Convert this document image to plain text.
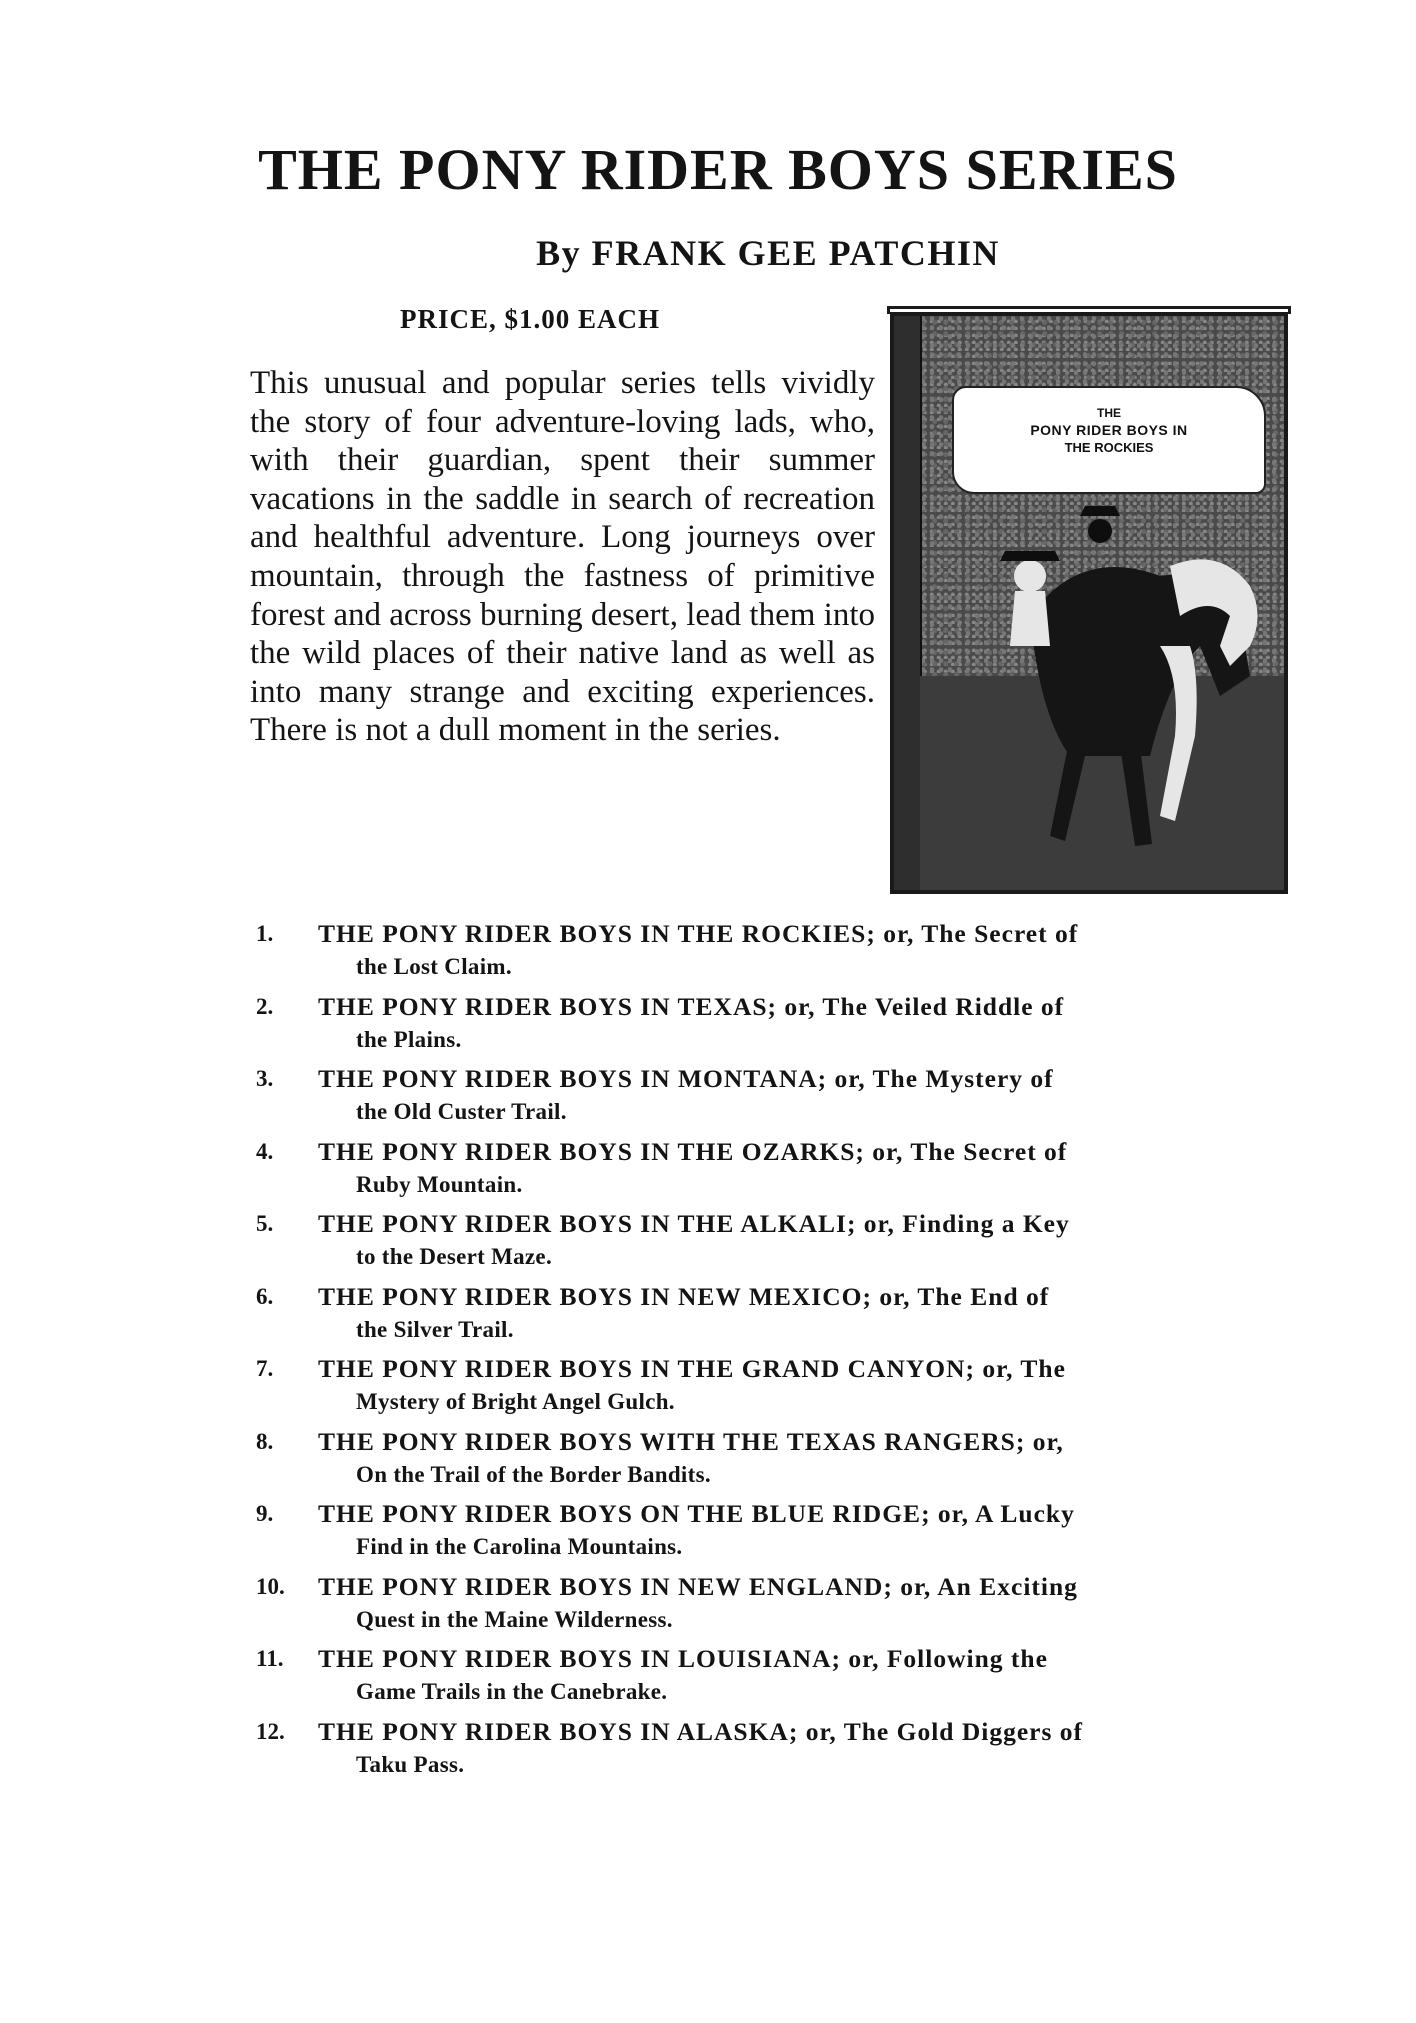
THE PONY RIDER BOYS SERIES
By FRANK GEE PATCHIN
PRICE, $1.00 EACH
This unusual and popular series tells vividly the story of four adventure-loving lads, who, with their guardian, spent their summer vacations in the saddle in search of recreation and healthful adventure. Long journeys over mountain, through the fastness of primitive forest and across burning desert, lead them into the wild places of their native land as well as into many strange and exciting experiences. There is not a dull moment in the series.
THE
PONY RIDER BOYS IN
THE ROCKIES
1.	THE PONY RIDER BOYS IN THE ROCKIES; or, The Secret of
the Lost Claim.
2.	THE PONY RIDER BOYS IN TEXAS; or, The Veiled Riddle of
the Plains.
3.	THE PONY RIDER BOYS IN MONTANA; or, The Mystery of
the Old Custer Trail.
4.	THE PONY RIDER BOYS IN THE OZARKS; or, The Secret of
Ruby Mountain.
5.	THE PONY RIDER BOYS IN THE ALKALI; or, Finding a Key
to the Desert Maze.
6.	THE PONY RIDER BOYS IN NEW MEXICO; or, The End of
the Silver Trail.
7.	THE PONY RIDER BOYS IN THE GRAND CANYON; or, The
Mystery of Bright Angel Gulch.
8.	THE PONY RIDER BOYS WITH THE TEXAS RANGERS; or,
On the Trail of the Border Bandits.
9.	THE PONY RIDER BOYS ON THE BLUE RIDGE; or, A Lucky
Find in the Carolina Mountains.
10.	THE PONY RIDER BOYS IN NEW ENGLAND; or, An Exciting
Quest in the Maine Wilderness.
11.	THE PONY RIDER BOYS IN LOUISIANA; or, Following the
Game Trails in the Canebrake.
12.	THE PONY RIDER BOYS IN ALASKA; or, The Gold Diggers of
Taku Pass.
